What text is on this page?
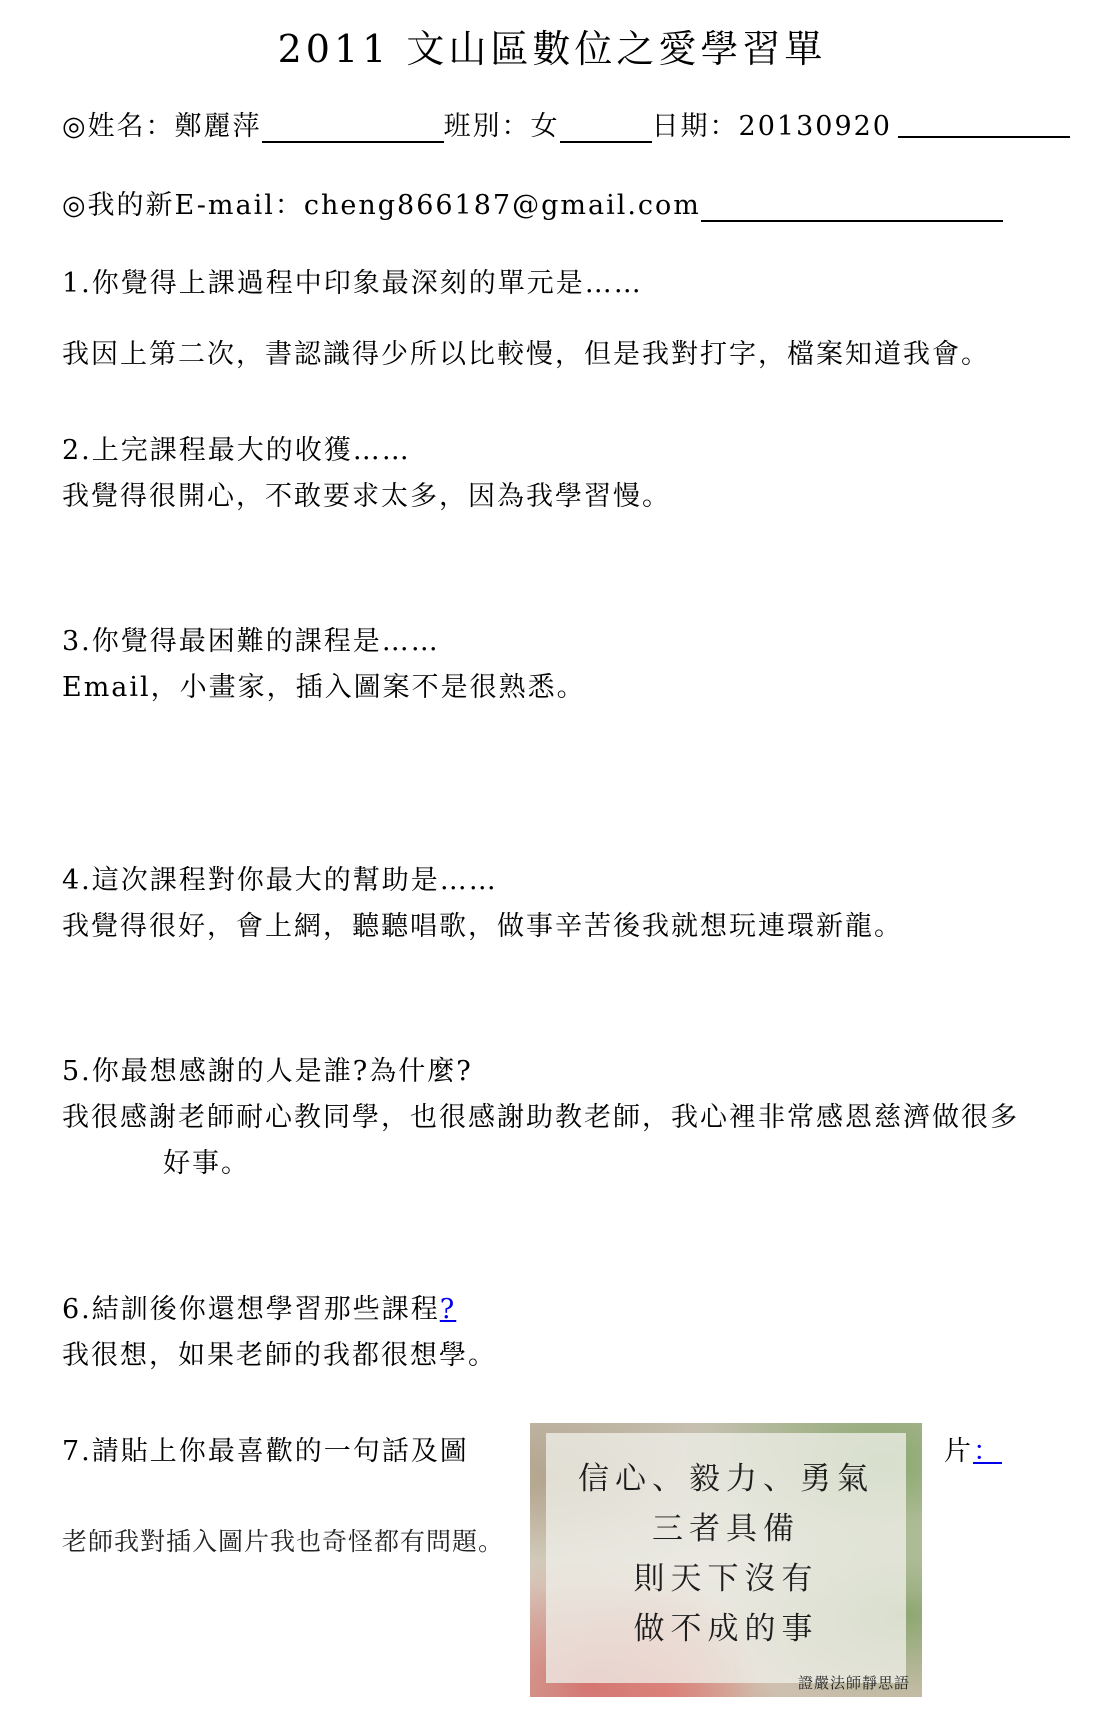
2011 文山區數位之愛學習單
◎姓名：鄭麗萍	班別：女	日期：20130920
◎我的新E-mail：cheng866187@gmail.com
1.你覺得上課過程中印象最深刻的單元是……
我因上第二次，書認識得少所以比較慢，但是我對打字，檔案知道我會。
2.上完課程最大的收獲……
我覺得很開心，不敢要求太多，因為我學習慢。
3.你覺得最困難的課程是……
Email，小畫家，插入圖案不是很熟悉。
4.這次課程對你最大的幫助是……
我覺得很好，會上網，聽聽唱歌，做事辛苦後我就想玩連環新龍。
5.你最想感謝的人是誰?為什麼?
我很感謝老師耐心教同學，也很感謝助教老師，我心裡非常感恩慈濟做很多
好事。
6.結訓後你還想學習那些課程?
我很想，如果老師的我都很想學。
7.請貼上你最喜歡的一句話及圖	片：
老師我對插入圖片我也奇怪都有問題。
信心、毅力、勇氣
三者具備
則天下沒有
做不成的事
證嚴法師靜思語
